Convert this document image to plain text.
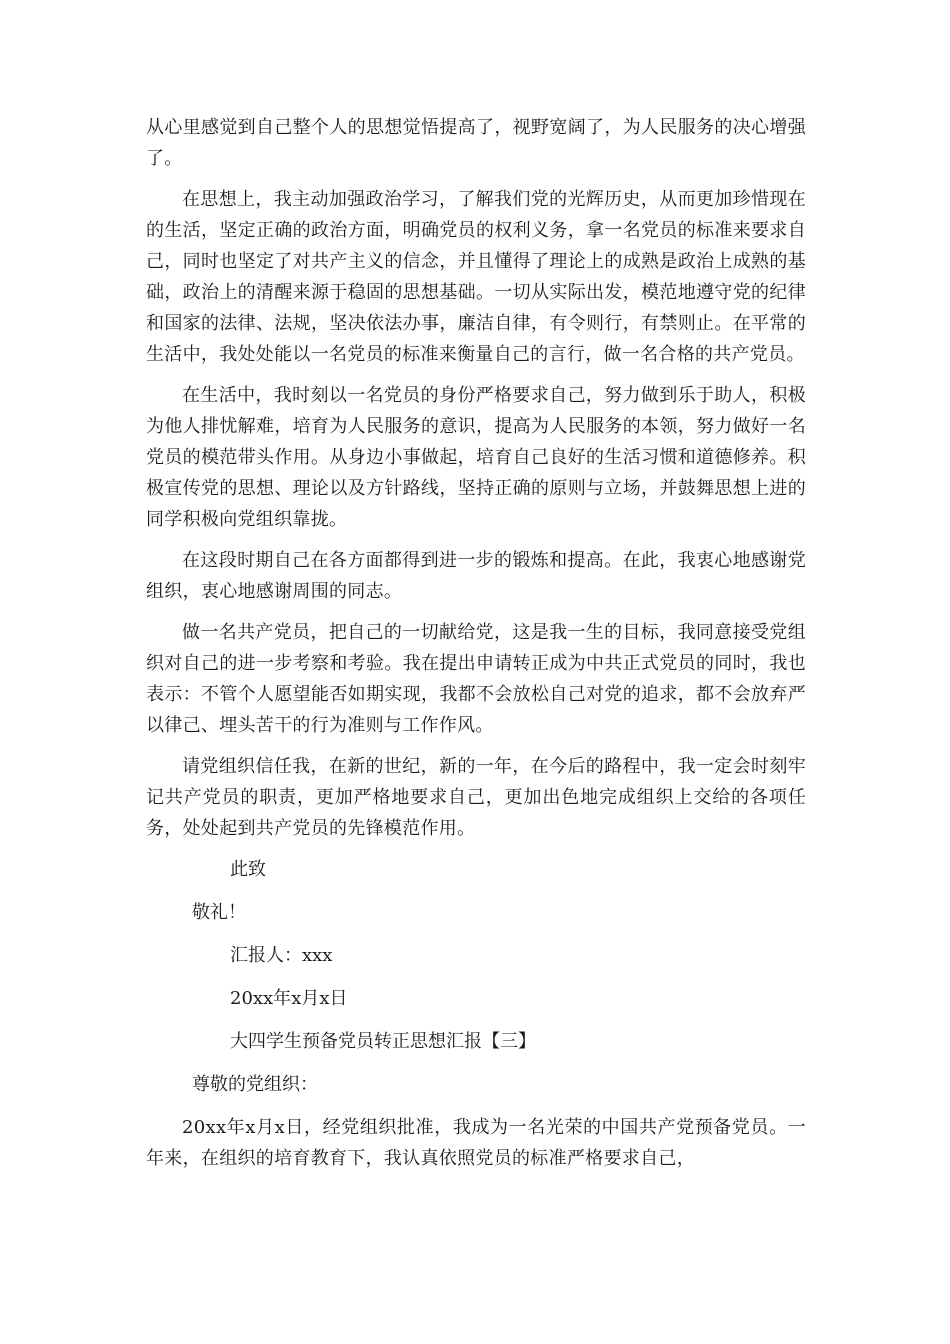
从心里感觉到自己整个人的思想觉悟提高了，视野宽阔了，为人民服务的决心增强了。

在思想上，我主动加强政治学习，了解我们党的光辉历史，从而更加珍惜现在的生活，坚定正确的政治方面，明确党员的权利义务，拿一名党员的标准来要求自己，同时也坚定了对共产主义的信念，并且懂得了理论上的成熟是政治上成熟的基础，政治上的清醒来源于稳固的思想基础。一切从实际出发，模范地遵守党的纪律和国家的法律、法规，坚决依法办事，廉洁自律，有令则行，有禁则止。在平常的生活中，我处处能以一名党员的标准来衡量自己的言行，做一名合格的共产党员。

在生活中，我时刻以一名党员的身份严格要求自己，努力做到乐于助人，积极为他人排忧解难，培育为人民服务的意识，提高为人民服务的本领，努力做好一名党员的模范带头作用。从身边小事做起，培育自己良好的生活习惯和道德修养。积极宣传党的思想、理论以及方针路线，坚持正确的原则与立场，并鼓舞思想上进的同学积极向党组织靠拢。

在这段时期自己在各方面都得到进一步的锻炼和提高。在此，我衷心地感谢党组织，衷心地感谢周围的同志。

做一名共产党员，把自己的一切献给党，这是我一生的目标，我同意接受党组织对自己的进一步考察和考验。我在提出申请转正成为中共正式党员的同时，我也表示：不管个人愿望能否如期实现，我都不会放松自己对党的追求，都不会放弃严以律己、埋头苦干的行为准则与工作作风。

请党组织信任我，在新的世纪，新的一年，在今后的路程中，我一定会时刻牢记共产党员的职责，更加严格地要求自己，更加出色地完成组织上交给的各项任务，处处起到共产党员的先锋模范作用。

此致
敬礼！
汇报人：xxx
20xx年x月x日
大四学生预备党员转正思想汇报【三】
尊敬的党组织：

20xx年x月x日，经党组织批准，我成为一名光荣的中国共产党预备党员。一年来，在组织的培育教育下，我认真依照党员的标准严格要求自己，
